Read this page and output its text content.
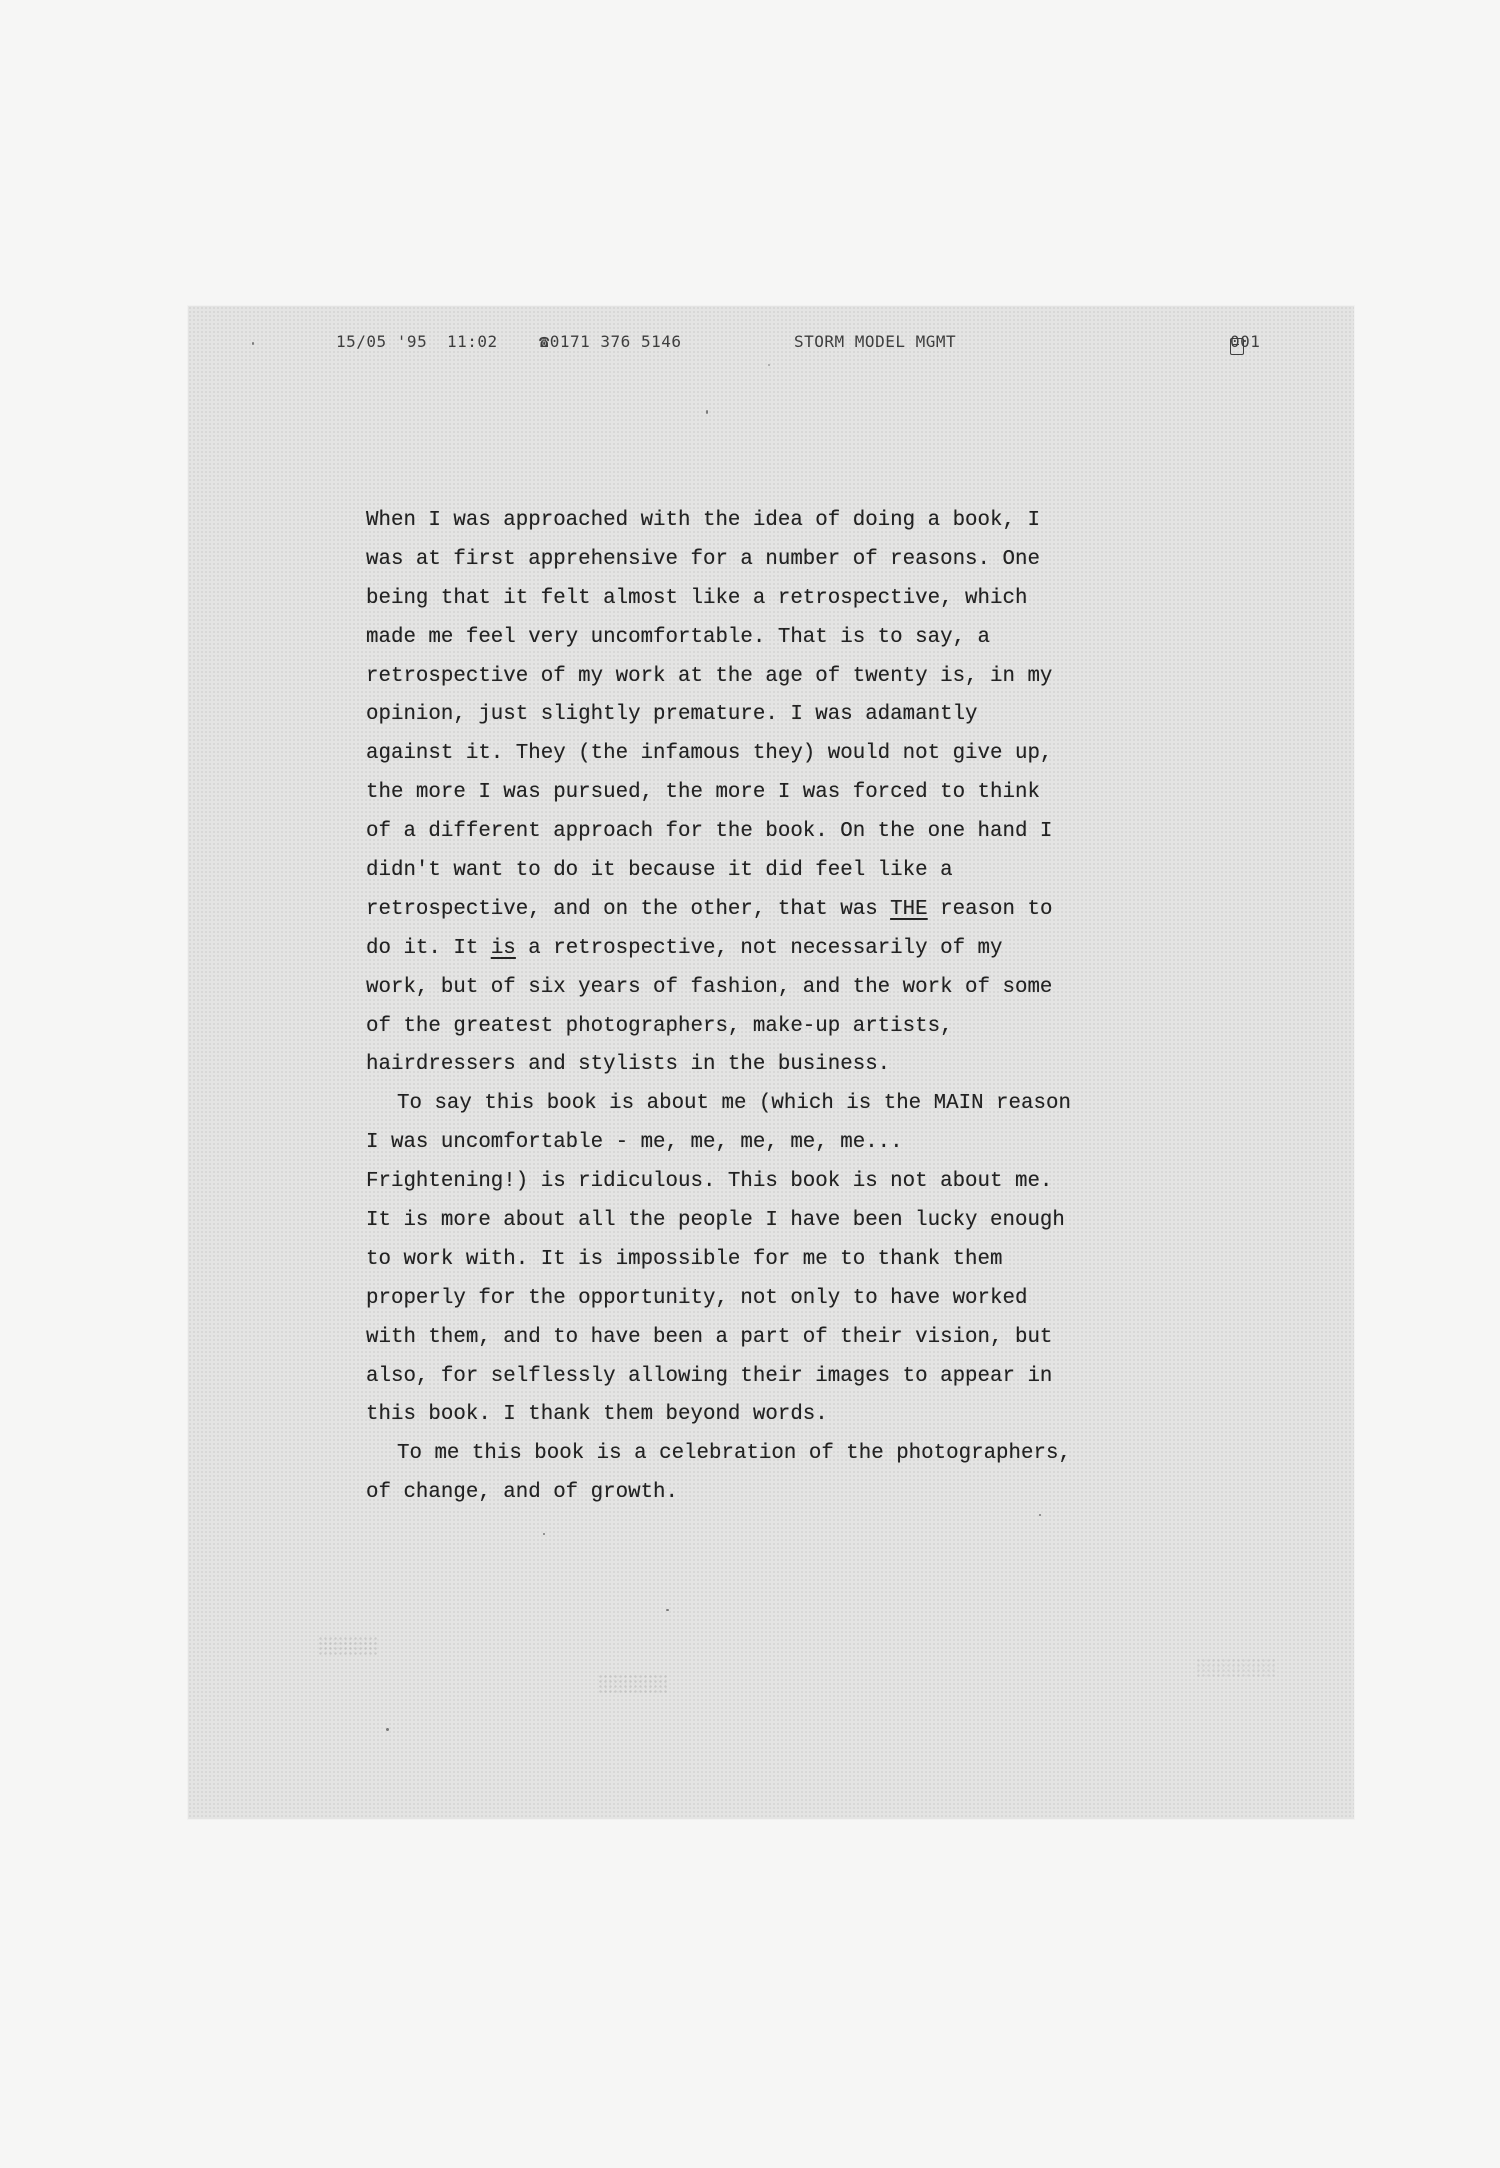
15/05 '95 11:02 ☎0171 376 5146	STORM MODEL MGMT	001
When I was approached with the idea of doing a book, I
was at first apprehensive for a number of reasons. One
being that it felt almost like a retrospective, which
made me feel very uncomfortable. That is to say, a
retrospective of my work at the age of twenty is, in my
opinion, just slightly premature. I was adamantly
against it. They (the infamous they) would not give up,
the more I was pursued, the more I was forced to think
of a different approach for the book. On the one hand I
didn't want to do it because it did feel like a
retrospective, and on the other, that was THE reason to
do it. It is a retrospective, not necessarily of my
work, but of six years of fashion, and the work of some
of the greatest photographers, make-up artists,
hairdressers and stylists in the business.
To say this book is about me (which is the MAIN reason
I was uncomfortable - me, me, me, me, me...
Frightening!) is ridiculous. This book is not about me.
It is more about all the people I have been lucky enough
to work with. It is impossible for me to thank them
properly for the opportunity, not only to have worked
with them, and to have been a part of their vision, but
also, for selflessly allowing their images to appear in
this book. I thank them beyond words.
To me this book is a celebration of the photographers,
of change, and of growth.
